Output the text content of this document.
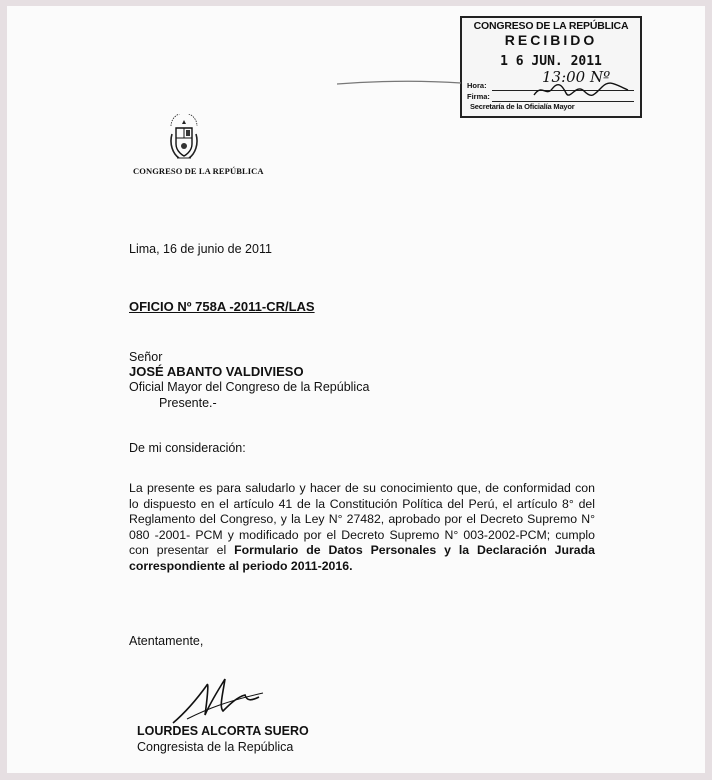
CONGRESO DE LA REPÚBLICA
RECIBIDO
1 6 JUN. 2011
Hora:
Firma:
Secretaría de la Oficialía Mayor
13:00 Nº
CONGRESO DE LA REPÚBLICA
Lima, 16 de junio de 2011
OFICIO Nº 758A -2011-CR/LAS
Señor
JOSÉ ABANTO VALDIVIESO
Oficial Mayor del Congreso de la República
Presente.-
De mi consideración:
La presente es para saludarlo y hacer de su conocimiento que, de conformidad con lo dispuesto en el artículo 41 de la Constitución Política del Perú, el artículo 8° del Reglamento del Congreso, y la Ley N° 27482, aprobado por el Decreto Supremo N° 080 -2001- PCM y modificado por el Decreto Supremo N° 003-2002-PCM; cumplo con presentar el Formulario de Datos Personales y la Declaración Jurada correspondiente al periodo 2011-2016.
Atentamente,
LOURDES ALCORTA SUERO
Congresista de la República
